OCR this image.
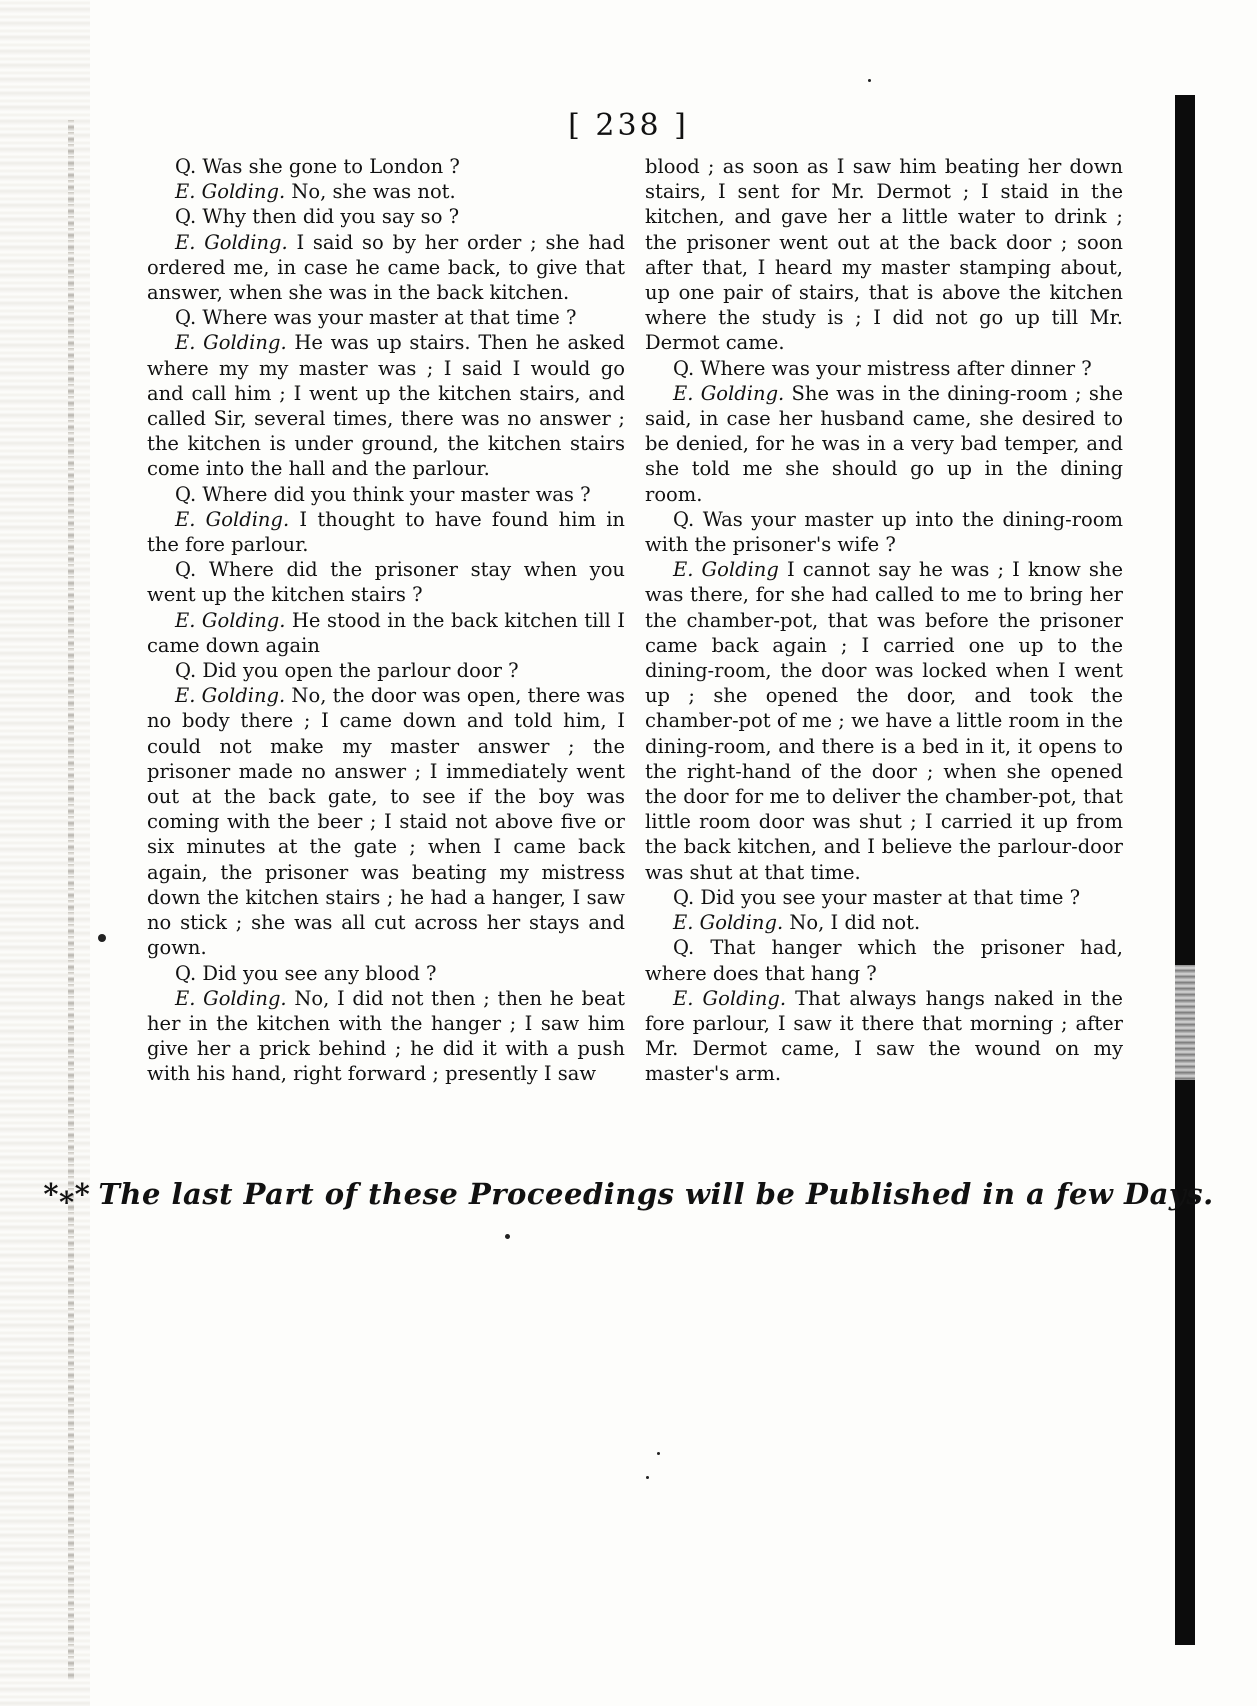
[ 238 ]

Q. Was she gone to London ?

E. Golding. No, she was not.

Q. Why then did you say so ?

E. Golding. I said so by her order ; she had ordered me, in case he came back, to give that answer, when she was in the back kitchen.

Q. Where was your master at that time ?

E. Golding. He was up stairs. Then he asked where my my master was ; I said I would go and call him ; I went up the kitchen stairs, and called Sir, several times, there was no answer ; the kitchen is under ground, the kitchen stairs come into the hall and the parlour.

Q. Where did you think your master was ?

E. Golding. I thought to have found him in the fore parlour.

Q. Where did the prisoner stay when you went up the kitchen stairs ?

E. Golding. He stood in the back kitchen till I came down again

Q. Did you open the parlour door ?

E. Golding. No, the door was open, there was no body there ; I came down and told him, I could not make my master answer ; the prisoner made no answer ; I immediately went out at the back gate, to see if the boy was coming with the beer ; I staid not above five or six minutes at the gate ; when I came back again, the prisoner was beating my mistress down the kitchen stairs ; he had a hanger, I saw no stick ; she was all cut across her stays and gown.

Q. Did you see any blood ?

E. Golding. No, I did not then ; then he beat her in the kitchen with the hanger ; I saw him give her a prick behind ; he did it with a push with his hand, right forward ; presently I saw

blood ; as soon as I saw him beating her down stairs, I sent for Mr. Dermot ; I staid in the kitchen, and gave her a little water to drink ; the prisoner went out at the back door ; soon after that, I heard my master stamping about, up one pair of stairs, that is above the kitchen where the study is ; I did not go up till Mr. Dermot came.

Q. Where was your mistress after dinner ?

E. Golding. She was in the dining-room ; she said, in case her husband came, she desired to be denied, for he was in a very bad temper, and she told me she should go up in the dining room.

Q. Was your master up into the dining-room with the prisoner's wife ?

E. Golding I cannot say he was ; I know she was there, for she had called to me to bring her the chamber-pot, that was before the prisoner came back again ; I carried one up to the dining-room, the door was locked when I went up ; she opened the door, and took the chamber-pot of me ; we have a little room in the dining-room, and there is a bed in it, it opens to the right-hand of the door ; when she opened the door for me to deliver the chamber-pot, that little room door was shut ; I carried it up from the back kitchen, and I believe the parlour-door was shut at that time.

Q. Did you see your master at that time ?

E. Golding. No, I did not.

Q. That hanger which the prisoner had, where does that hang ?

E. Golding. That always hangs naked in the fore parlour, I saw it there that morning ; after Mr. Dermot came, I saw the wound on my master's arm.

*⁎* The last Part of these Proceedings will be Published in a few Days.
